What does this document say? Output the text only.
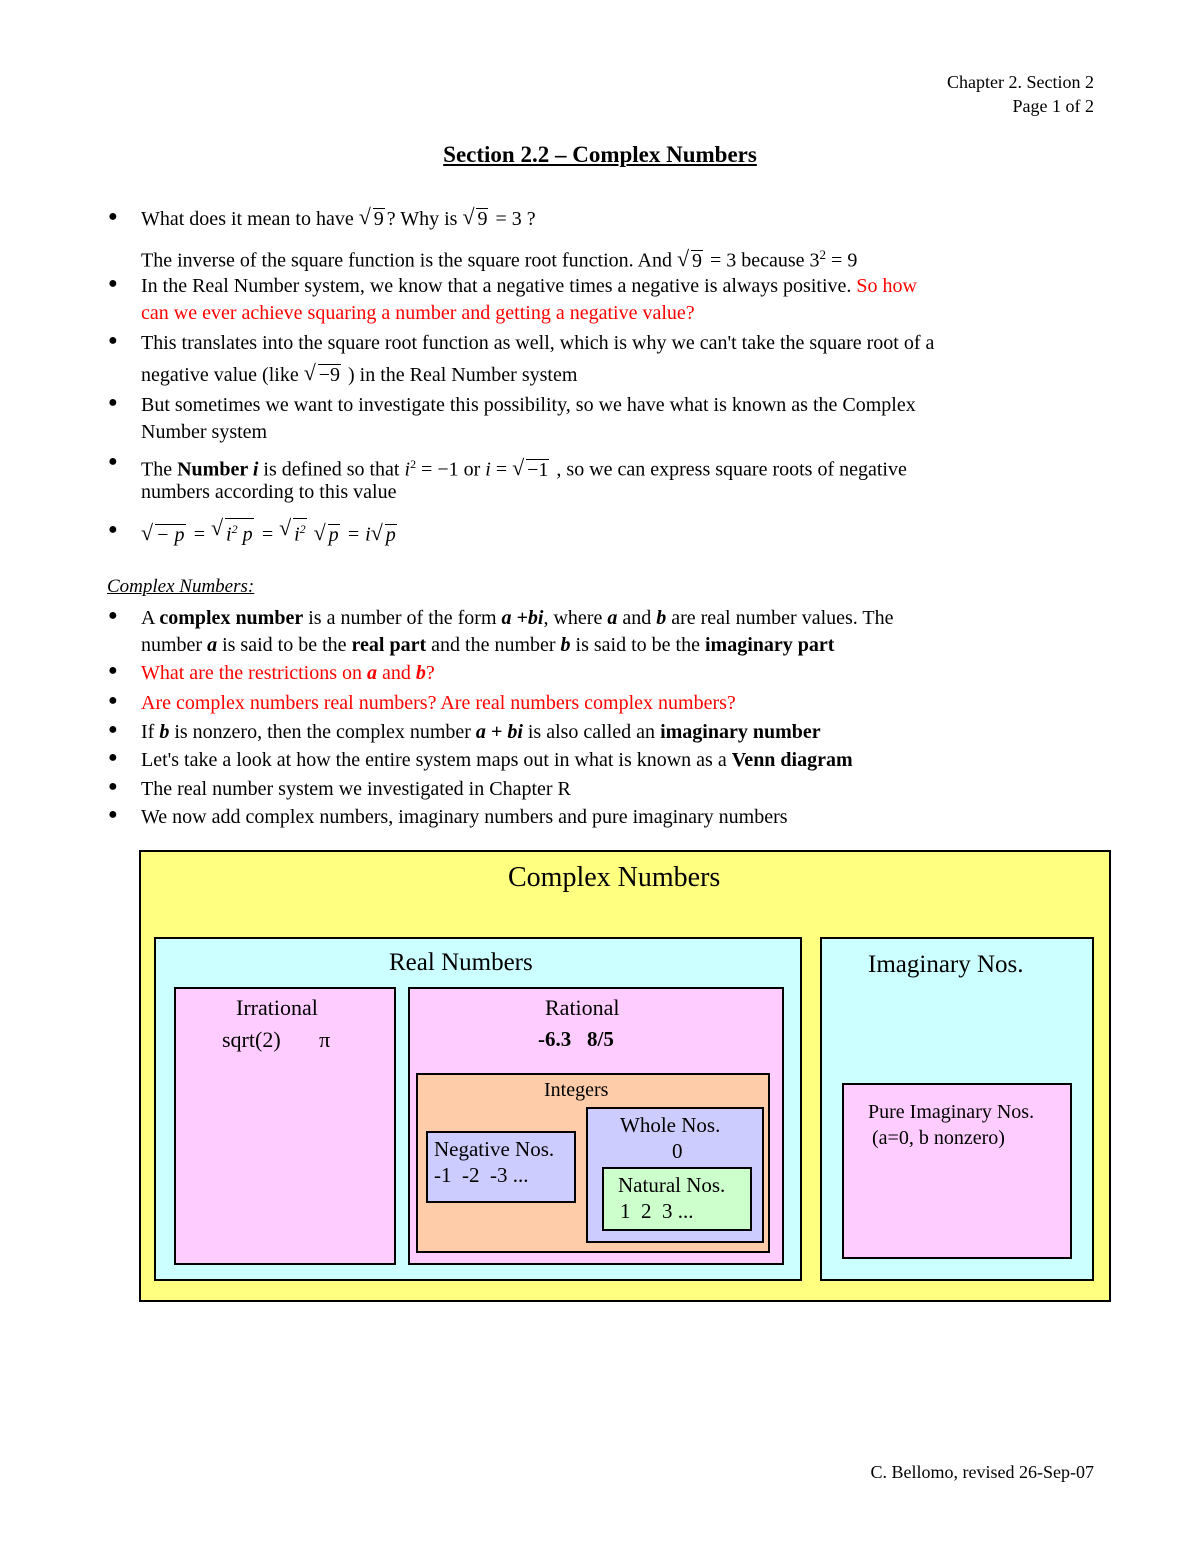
Chapter 2. Section 2
Page 1 of 2
Section 2.2 – Complex Numbers
● What does it mean to have √ 9 ? Why is √ 9 = 3 ?
The inverse of the square function is the square root function. And √ 9 = 3 because $3^2 = 9$
● In the Real Number system, we know that a negative times a negative is always positive. So how
can we ever achieve squaring a number and getting a negative value?
● This translates into the square root function as well, which is why we can't take the square root of a
negative value (like √ −9 ) in the Real Number system
● But sometimes we want to investigate this possibility, so we have what is known as the Complex
Number system
● The Number i is defined so that $i^2 = -1$ or i = √ −1 , so we can express square roots of negative
numbers according to this value
●	√ − p = √ $i^2$ p = √ $i^2$ √ p = i √ p
Complex Numbers:
● A complex number is a number of the form a +bi, where a and b are real number values. The
number a is said to be the real part and the number b is said to be the imaginary part
● What are the restrictions on a and b?
● Are complex numbers real numbers? Are real numbers complex numbers?
● If b is nonzero, then the complex number a + bi is also called an imaginary number
● Let's take a look at how the entire system maps out in what is known as a Venn diagram
● The real number system we investigated in Chapter R
● We now add complex numbers, imaginary numbers and pure imaginary numbers
Complex Numbers
Real Numbers
Irrational
sqrt(2)       π
Rational
-6.3   8/5
Integers
Negative Nos.
-1  -2  -3 ...
Whole Nos.
0
Natural Nos.
1  2  3 ...
Imaginary Nos.
Pure Imaginary Nos.
(a=0, b nonzero)
C. Bellomo, revised 26-Sep-07
